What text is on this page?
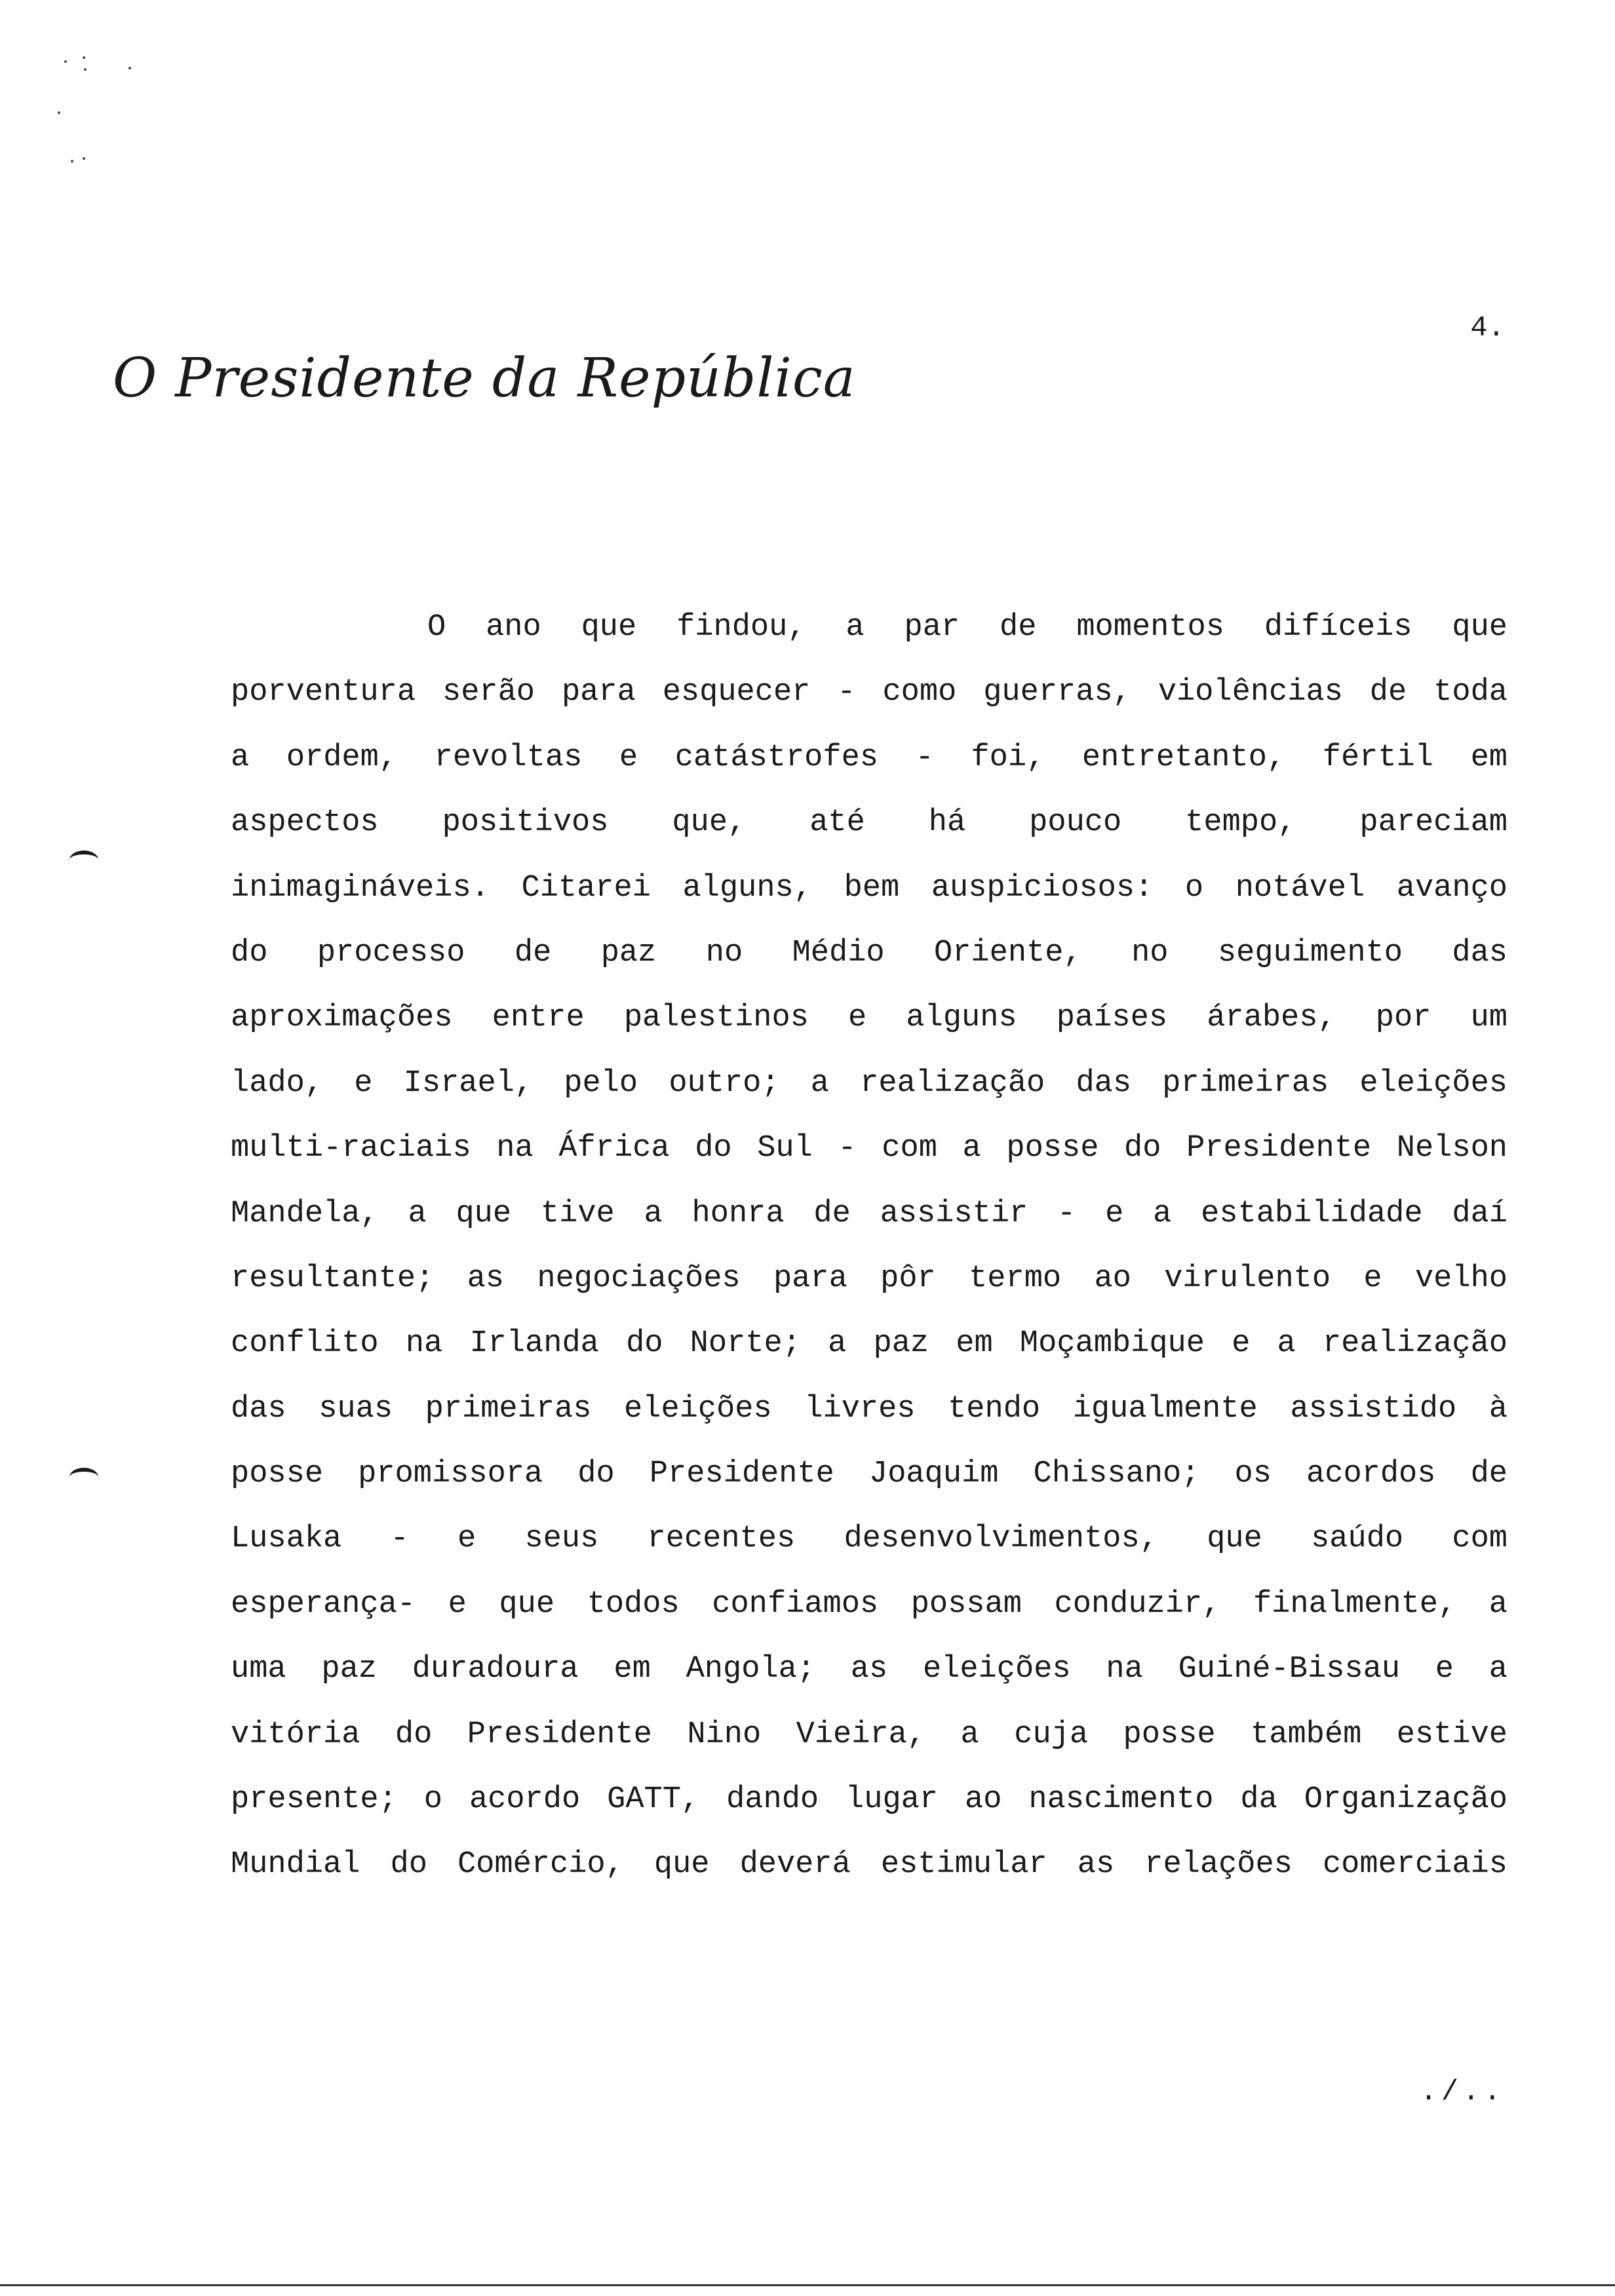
4.
O Presidente da República
O ano que findou, a par de momentos difíceis que
porventura serão para esquecer - como guerras, violências de toda
a ordem, revoltas e catástrofes - foi, entretanto, fértil em
aspectos positivos que, até há pouco tempo, pareciam
inimagináveis. Citarei alguns, bem auspiciosos: o notável avanço
do processo de paz no Médio Oriente, no seguimento das
aproximações entre palestinos e alguns países árabes, por um
lado, e Israel, pelo outro; a realização das primeiras eleições
multi-raciais na África do Sul - com a posse do Presidente Nelson
Mandela, a que tive a honra de assistir - e a estabilidade daí
resultante; as negociações para pôr termo ao virulento e velho
conflito na Irlanda do Norte; a paz em Moçambique e a realização
das suas primeiras eleições livres tendo igualmente assistido à
posse promissora do Presidente Joaquim Chissano; os acordos de
Lusaka - e seus recentes desenvolvimentos, que saúdo com
esperança- e que todos confiamos possam conduzir, finalmente, a
uma paz duradoura em Angola; as eleições na Guiné-Bissau e a
vitória do Presidente Nino Vieira, a cuja posse também estive
presente; o acordo GATT, dando lugar ao nascimento da Organização
Mundial do Comércio, que deverá estimular as relações comerciais
./..
